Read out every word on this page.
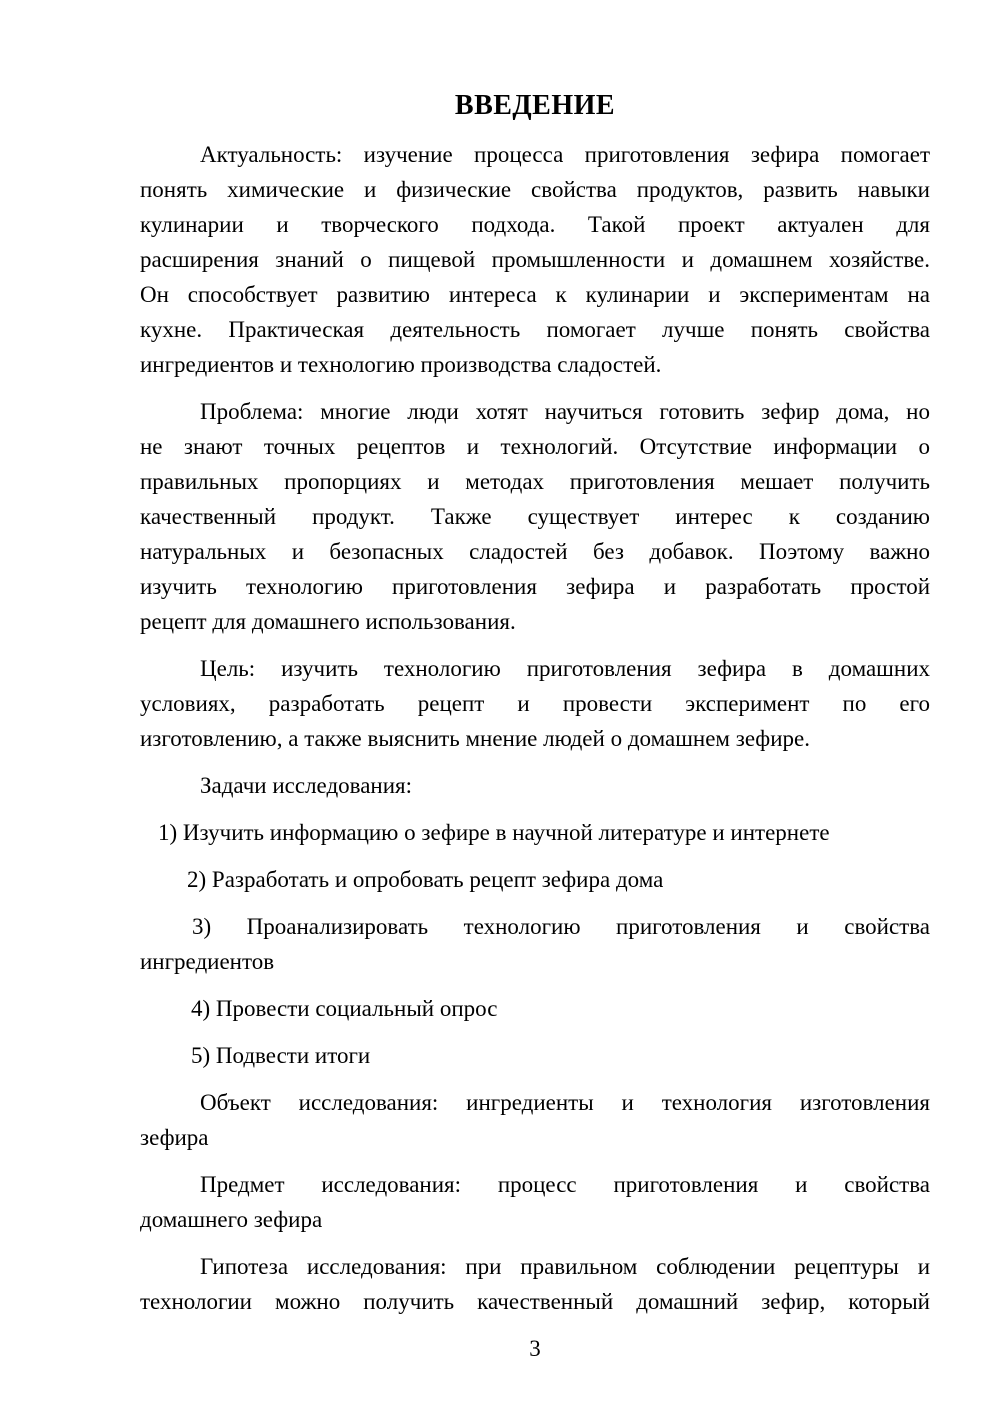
ВВЕДЕНИЕ
Актуальность: изучение процесса приготовления зефира помогает
понять химические и физические свойства продуктов, развить навыки
кулинарии и творческого подхода. Такой проект актуален для
расширения знаний о пищевой промышленности и домашнем хозяйстве.
Он способствует развитию интереса к кулинарии и экспериментам на
кухне. Практическая деятельность помогает лучше понять свойства
ингредиентов и технологию производства сладостей.
Проблема: многие люди хотят научиться готовить зефир дома, но
не знают точных рецептов и технологий. Отсутствие информации о
правильных пропорциях и методах приготовления мешает получить
качественный продукт. Также существует интерес к созданию
натуральных и безопасных сладостей без добавок. Поэтому важно
изучить технологию приготовления зефира и разработать простой
рецепт для домашнего использования.
Цель: изучить технологию приготовления зефира в домашних
условиях, разработать рецепт и провести эксперимент по его
изготовлению, а также выяснить мнение людей о домашнем зефире.
Задачи исследования:
1) Изучить информацию о зефире в научной литературе и интернете
2) Разработать и опробовать рецепт зефира дома
3) Проанализировать технологию приготовления и свойства
ингредиентов
4) Провести социальный опрос
5) Подвести итоги
Объект исследования: ингредиенты и технология изготовления
зефира
Предмет исследования: процесс приготовления и свойства
домашнего зефира
Гипотеза исследования: при правильном соблюдении рецептуры и
технологии можно получить качественный домашний зефир, который
3
